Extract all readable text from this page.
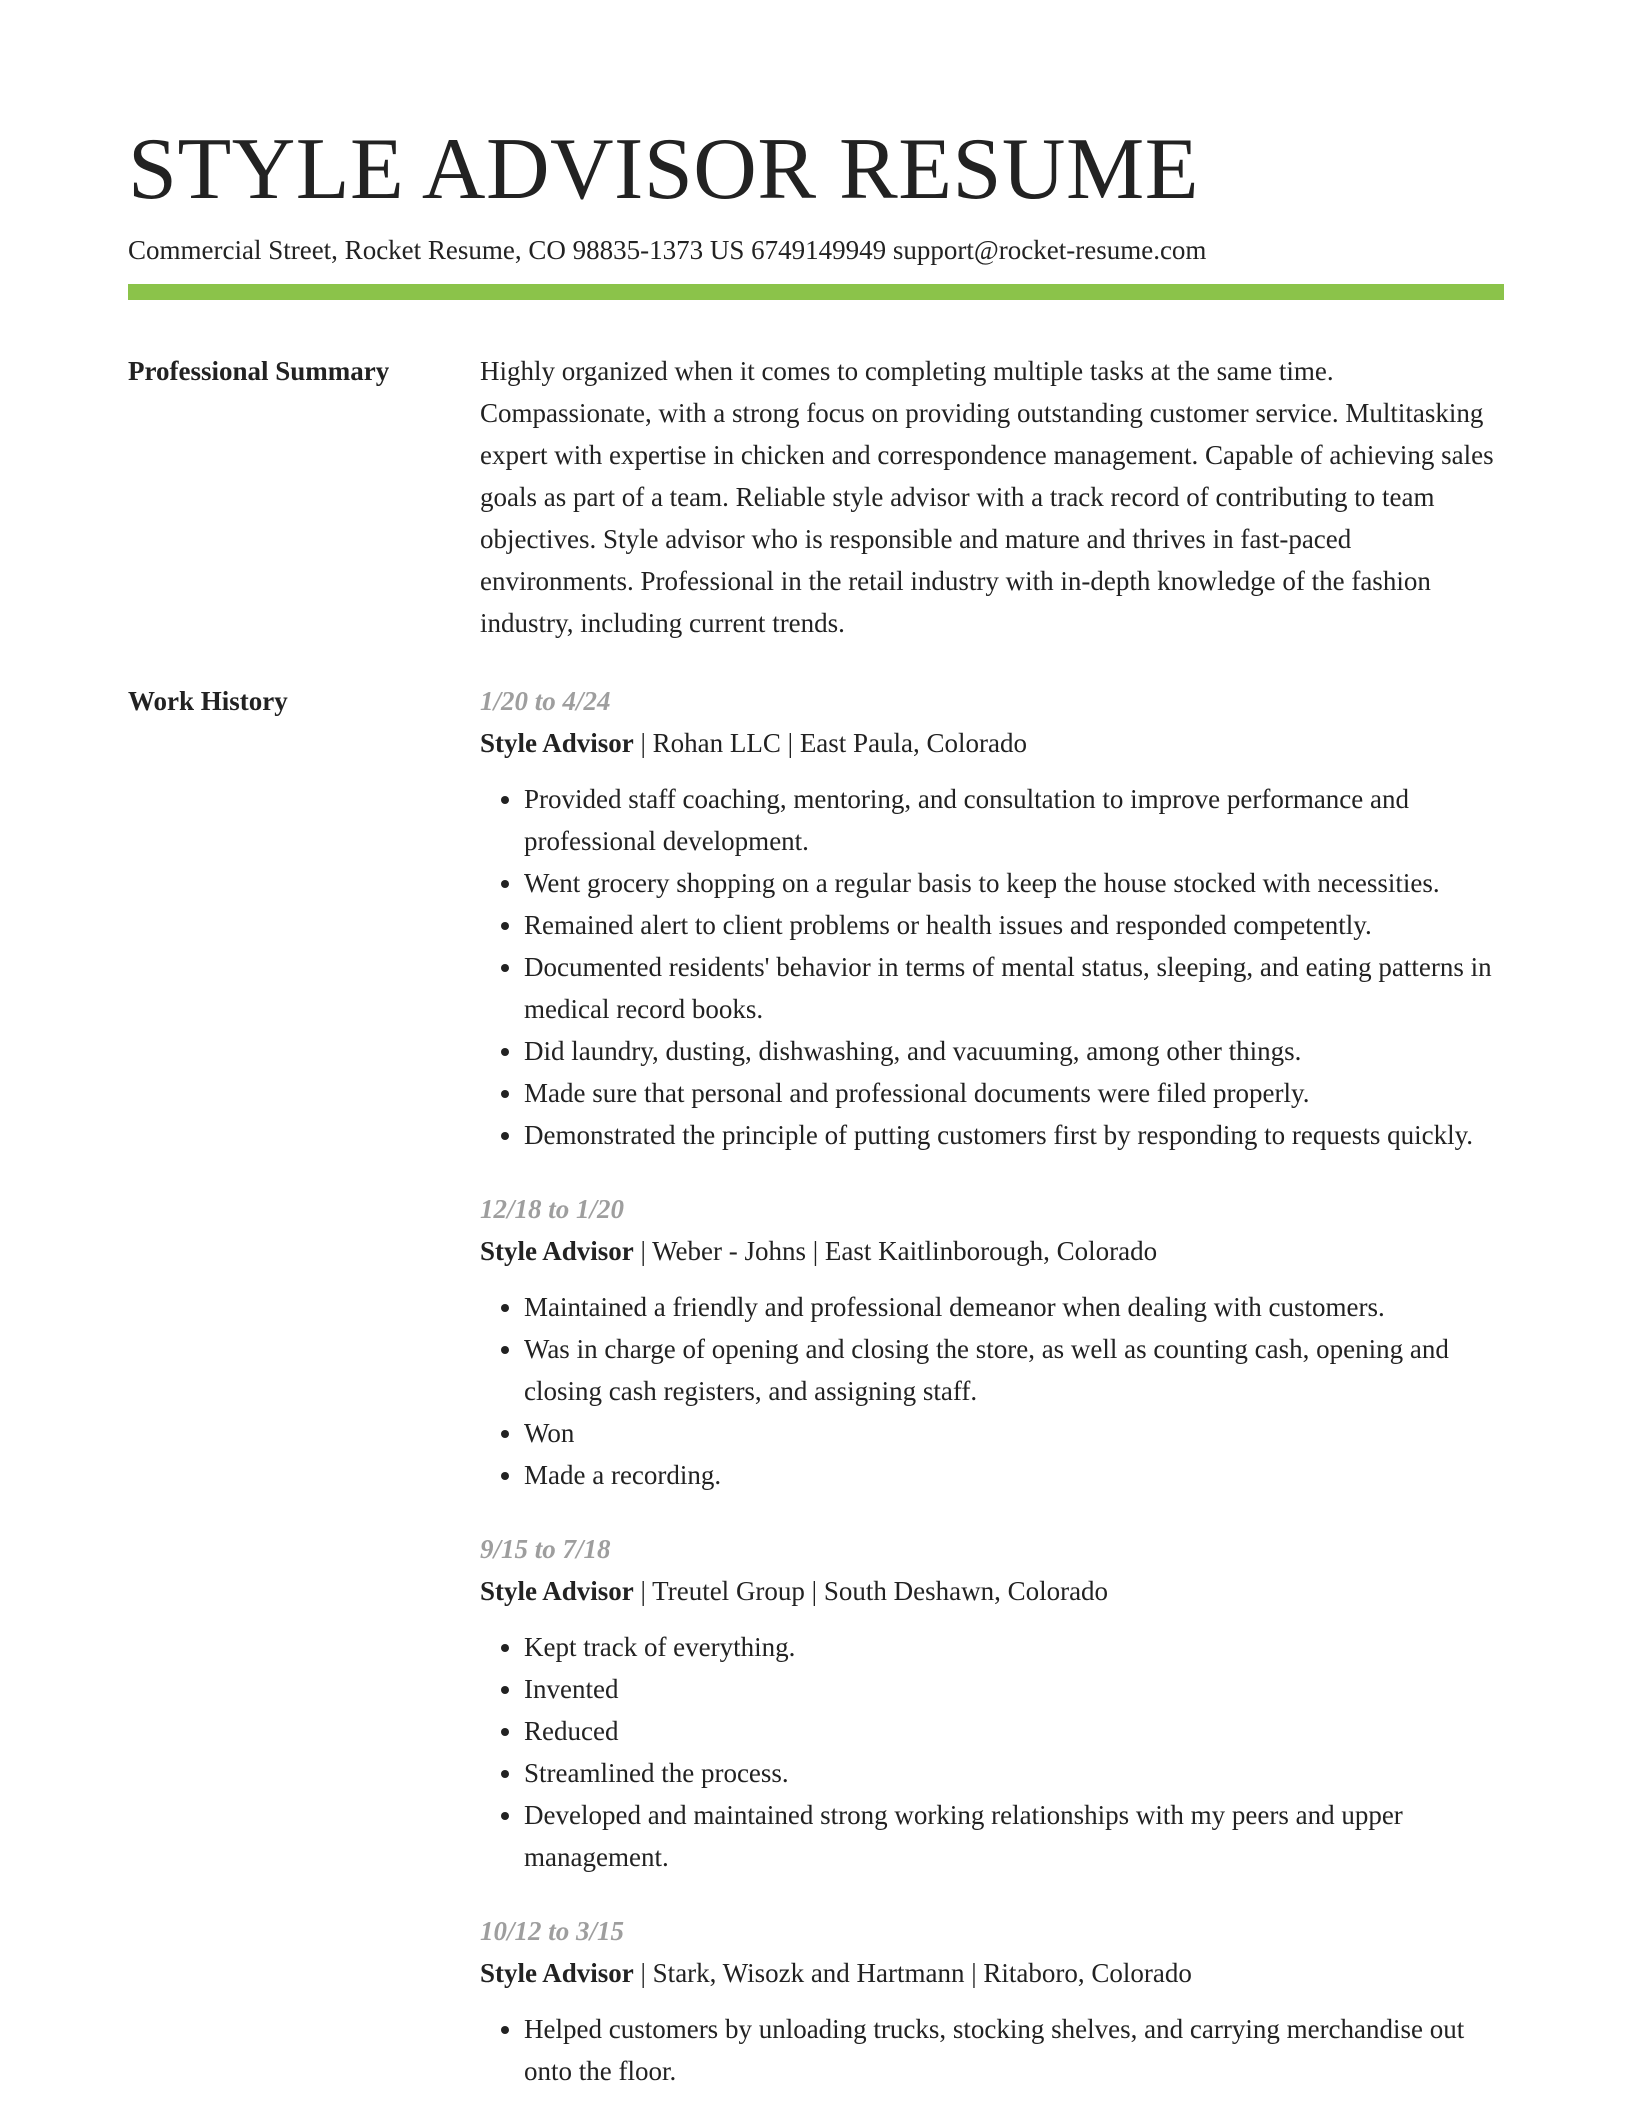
STYLE ADVISOR RESUME
Commercial Street, Rocket Resume, CO 98835-1373 US 6749149949 support@rocket-resume.com
Professional Summary	Highly organized when it comes to completing multiple tasks at the same time. Compassionate, with a strong focus on providing outstanding customer service. Multitasking expert with expertise in chicken and correspondence management. Capable of achieving sales goals as part of a team. Reliable style advisor with a track record of contributing to team objectives. Style advisor who is responsible and mature and thrives in fast-paced environments. Professional in the retail industry with in-depth knowledge of the fashion industry, including current trends.

Work History	1/20 to 4/24
Style Advisor | Rohan LLC | East Paula, Colorado
• Provided staff coaching, mentoring, and consultation to improve performance and professional development.
• Went grocery shopping on a regular basis to keep the house stocked with necessities.
• Remained alert to client problems or health issues and responded competently.
• Documented residents' behavior in terms of mental status, sleeping, and eating patterns in medical record books.
• Did laundry, dusting, dishwashing, and vacuuming, among other things.
• Made sure that personal and professional documents were filed properly.
• Demonstrated the principle of putting customers first by responding to requests quickly.
12/18 to 1/20
Style Advisor | Weber - Johns | East Kaitlinborough, Colorado
• Maintained a friendly and professional demeanor when dealing with customers.
• Was in charge of opening and closing the store, as well as counting cash, opening and closing cash registers, and assigning staff.
• Won
• Made a recording.
9/15 to 7/18
Style Advisor | Treutel Group | South Deshawn, Colorado
• Kept track of everything.
• Invented
• Reduced
• Streamlined the process.
• Developed and maintained strong working relationships with my peers and upper management.
10/12 to 3/15
Style Advisor | Stark, Wisozk and Hartmann | Ritaboro, Colorado
• Helped customers by unloading trucks, stocking shelves, and carrying merchandise out onto the floor.
